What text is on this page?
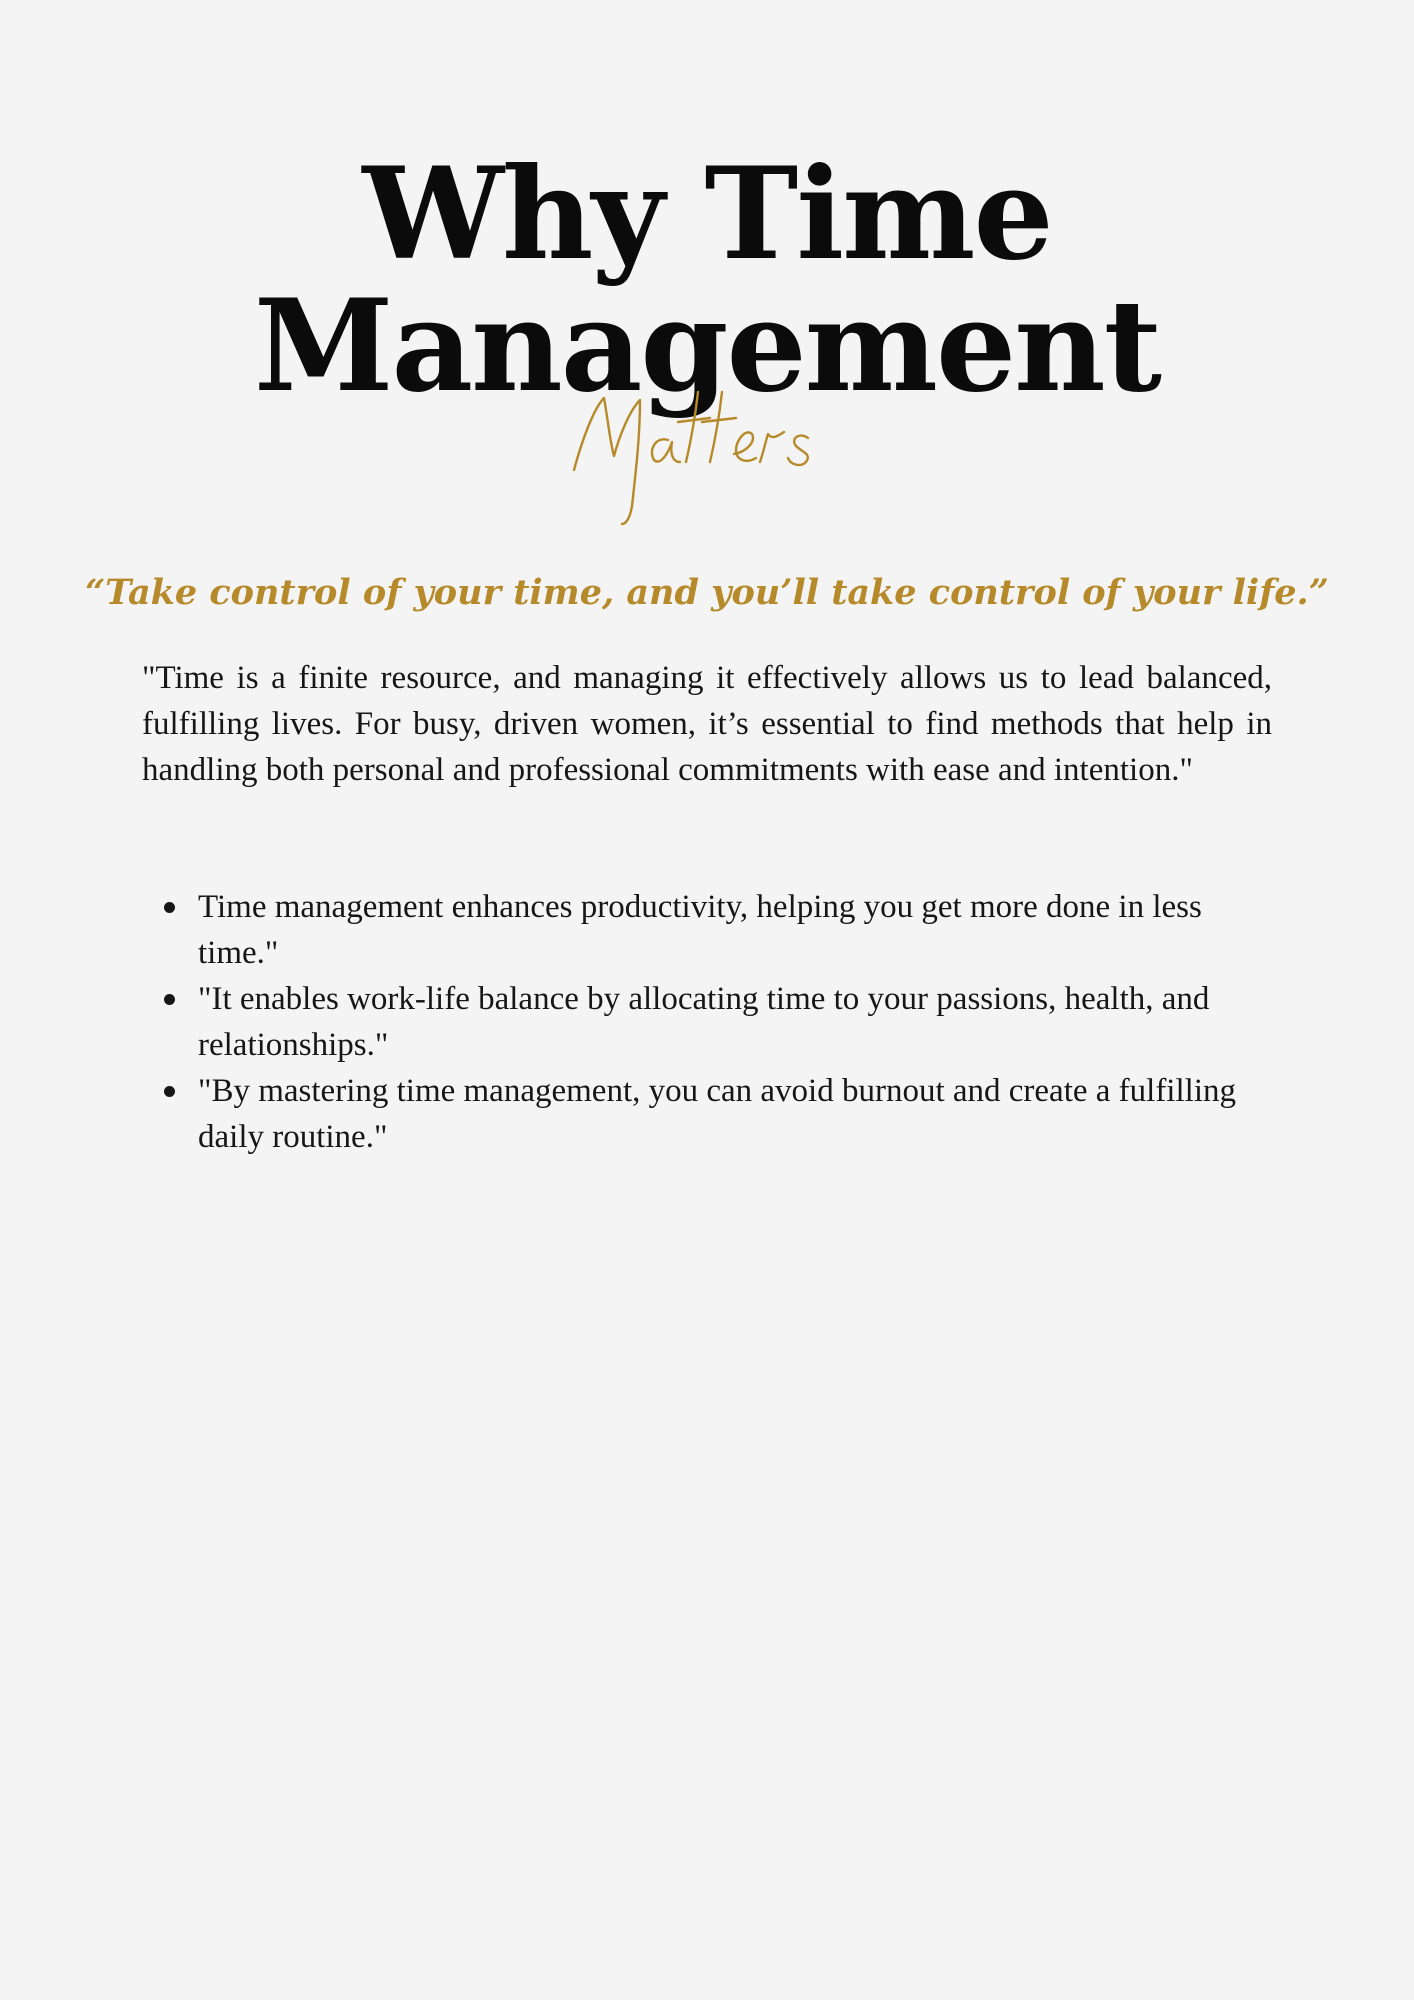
Why Time
Management

“Take control of your time, and you’ll take control of your life.”

"Time is a finite resource, and managing it effectively allows us to lead balanced, fulfilling lives. For busy, driven women, it’s essential to find methods that help in handling both personal and professional commitments with ease and intention."

Time management enhances productivity, helping you get more done in less time."
"It enables work-life balance by allocating time to your passions, health, and relationships."
"By mastering time management, you can avoid burnout and create a fulfilling daily routine."
